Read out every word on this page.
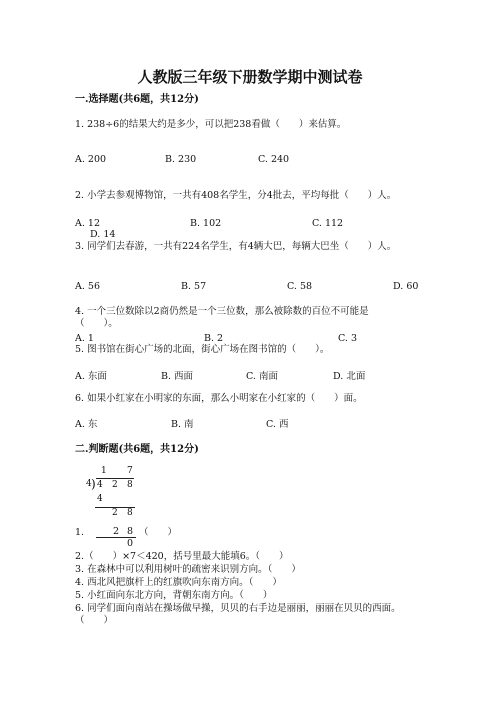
人教版三年级下册数学期中测试卷
一.选择题(共6题，共12分)
1. 238÷6的结果大约是多少，可以把238看做（　　）来估算。
A. 200	B. 230	C. 240
2. 小学去参观博物馆，一共有408名学生，分4批去，平均每批（　　）人。
A. 12	B. 102	C. 112
D. 14
3. 同学们去春游，一共有224名学生，有4辆大巴，每辆大巴坐（　　）人。
A. 56	B. 57	C. 58	D. 60
4. 一个三位数除以2商仍然是一个三位数，那么被除数的百位不可能是
（　　）。
A. 1	B. 2	C. 3
5. 图书馆在街心广场的北面，街心广场在图书馆的（　　）。
A. 东面	B. 西面	C. 南面	D. 北面
6. 如果小红家在小明家的东面，那么小明家在小红家的（　　）面。
A. 东	B. 南	C. 西
二.判断题(共6题，共12分)
1 7
4 ) 4 2 8
4
2 8
1.	2 8 （　　）
0
2.（　　）×7＜420，括号里最大能填6。（　　）
3. 在森林中可以利用树叶的疏密来识别方向。（　　）
4. 西北风把旗杆上的红旗吹向东南方向。（　　）
5. 小红面向东北方向，背朝东南方向。（　　）
6. 同学们面向南站在操场做早操，贝贝的右手边是丽丽，丽丽在贝贝的西面。
（　　）
